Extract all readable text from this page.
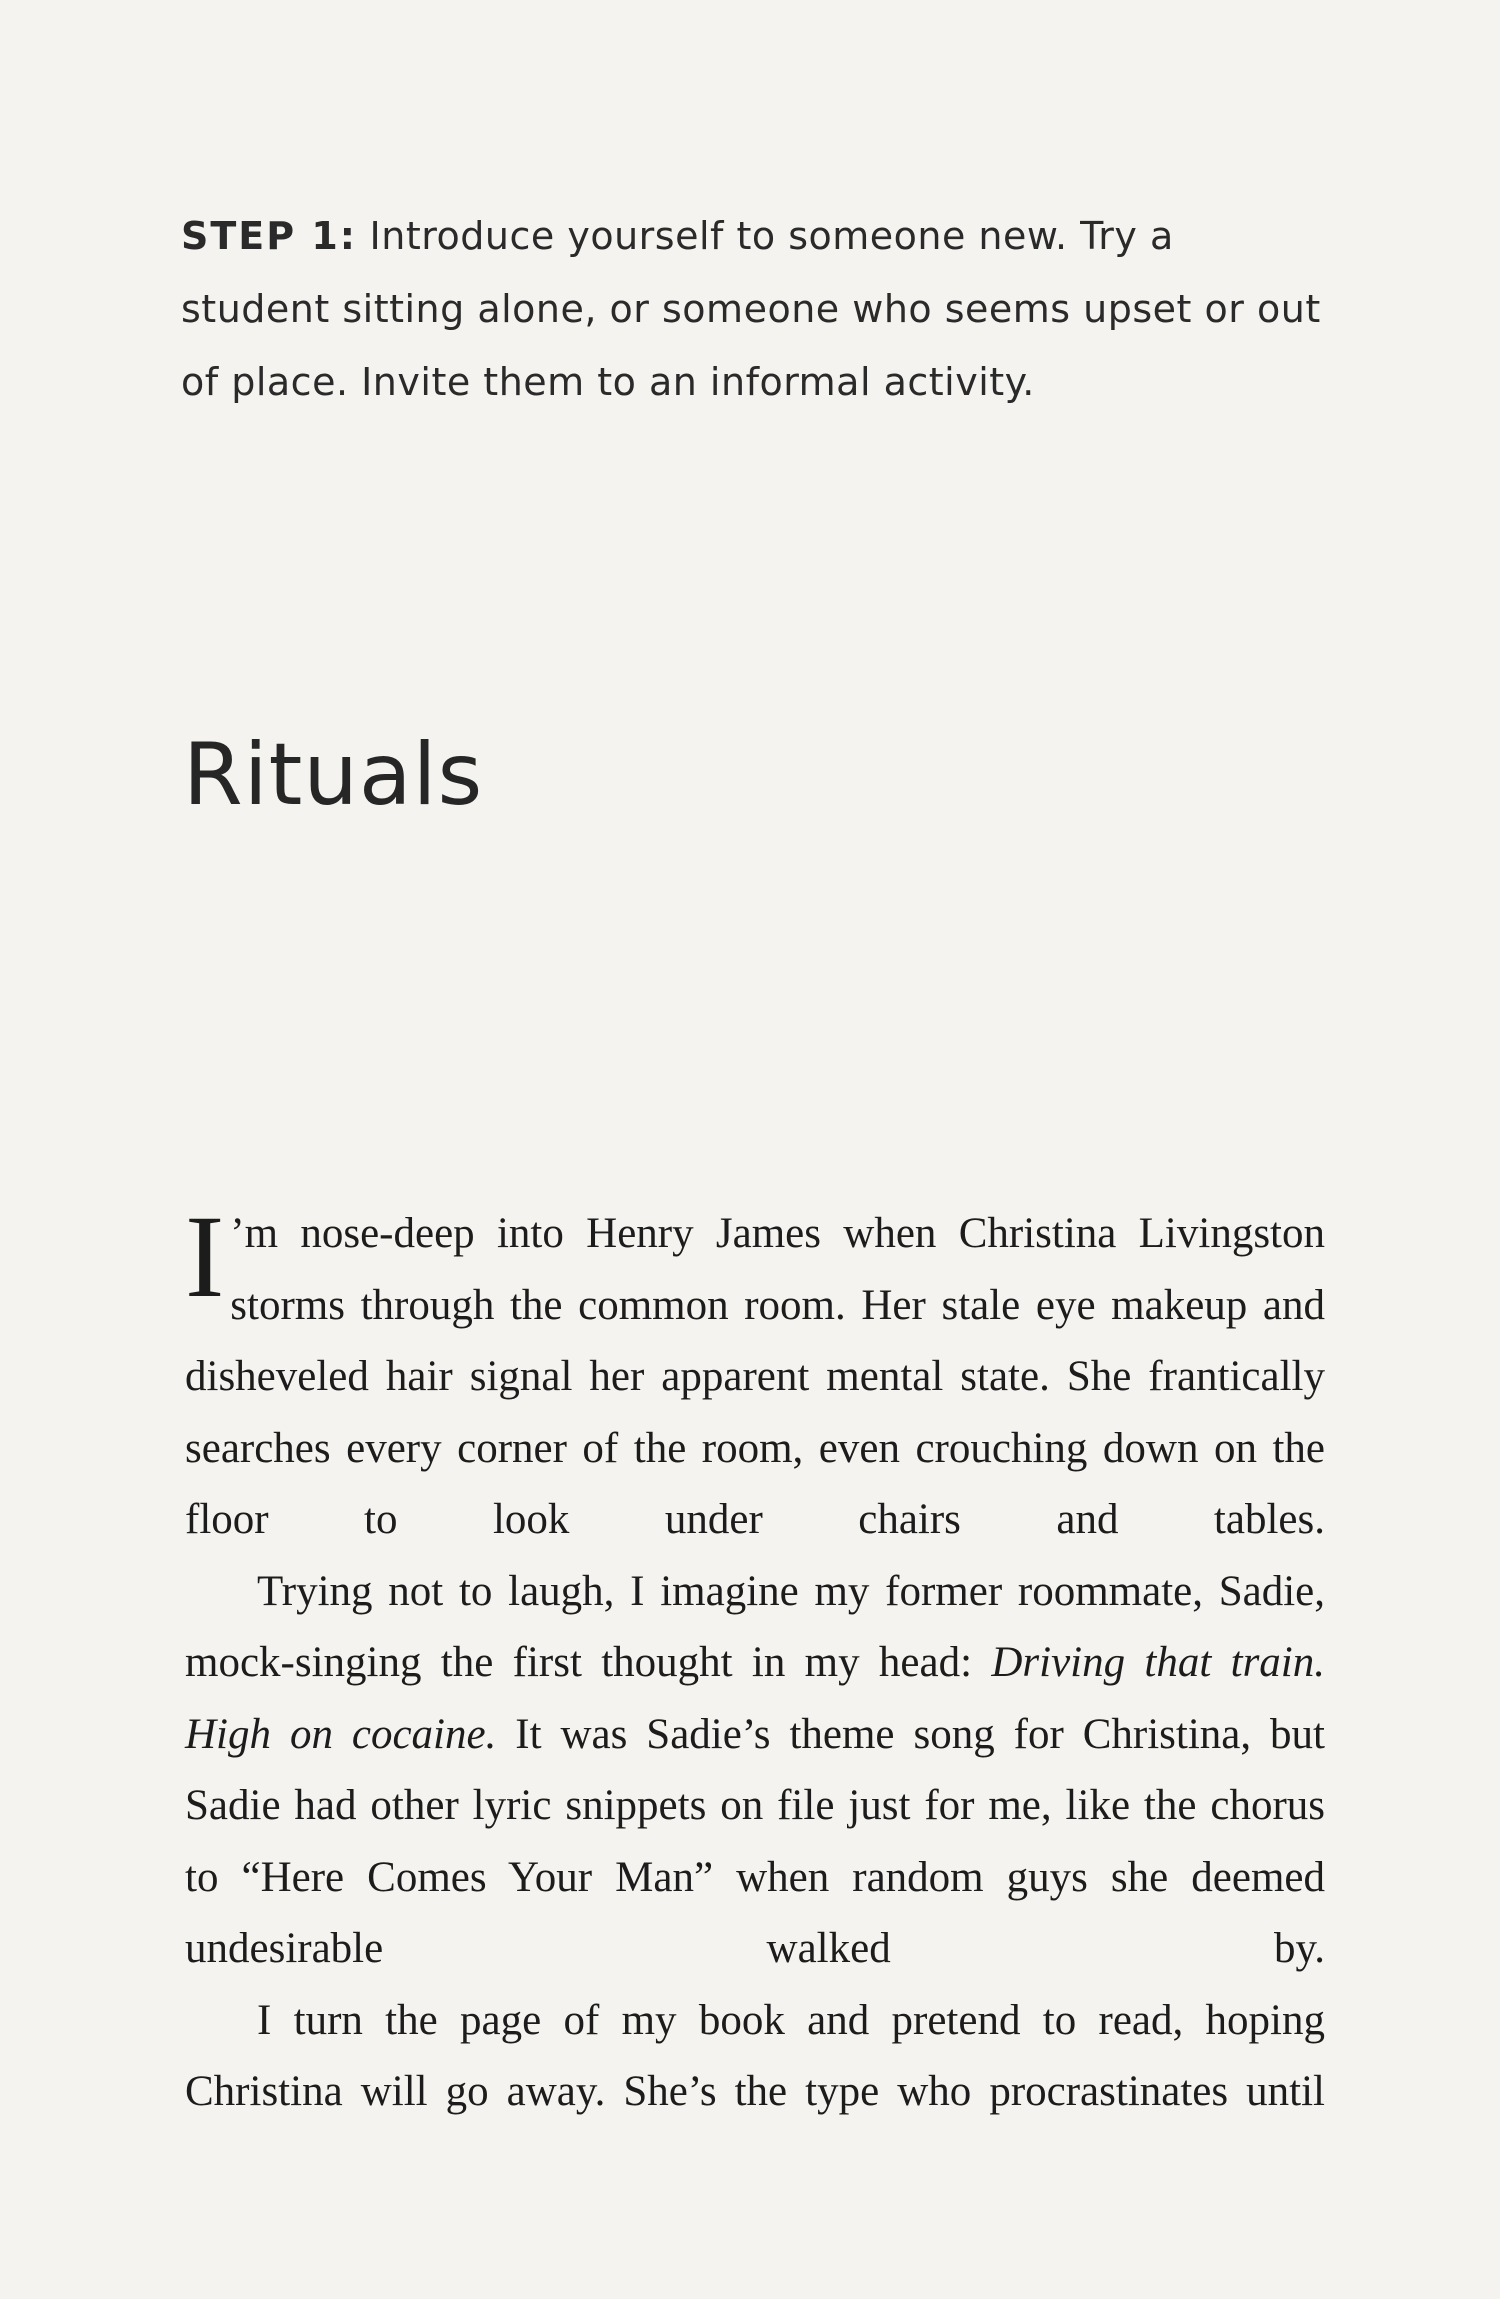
STEP 1: Introduce yourself to someone new. Try a student sitting alone, or someone who seems upset or out of place. Invite them to an informal activity.
Rituals

I ’m nose-deep into Henry James when Christina Livingston storms through the common room. Her stale eye makeup and disheveled hair signal her apparent mental state. She frantically searches every corner of the room, even crouching down on the floor to look under chairs and tables.

Trying not to laugh, I imagine my former roommate, Sadie, mock-singing the first thought in my head: Driving that train. High on cocaine. It was Sadie’s theme song for Christina, but Sadie had other lyric snippets on file just for me, like the chorus to “Here Comes Your Man” when random guys she deemed undesirable walked by.

I turn the page of my book and pretend to read, hoping Christina will go away. She’s the type who procrastinates until
